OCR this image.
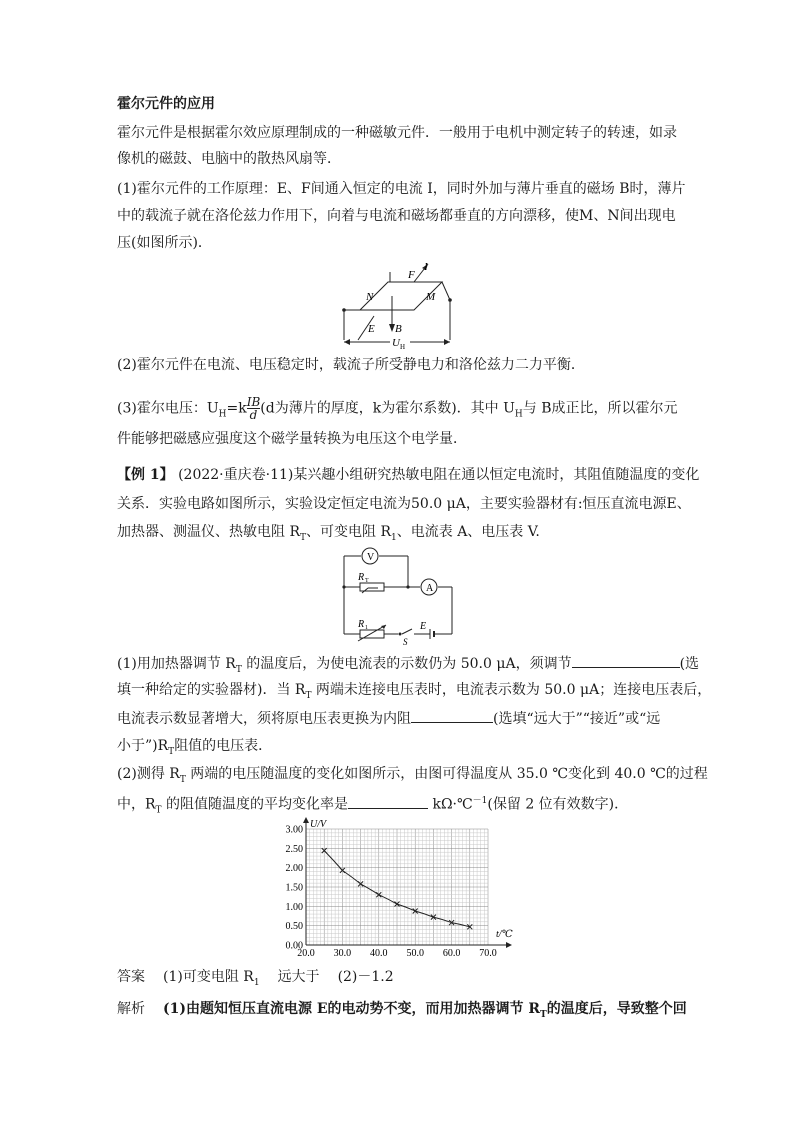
霍尔元件的应用
霍尔元件是根据霍尔效应原理制成的一种磁敏元件．一般用于电机中测定转子的转速，如录
像机的磁鼓、电脑中的散热风扇等．
(1)霍尔元件的工作原理：E、F间通入恒定的电流 I，同时外加与薄片垂直的磁场 B时，薄片
中的载流子就在洛伦兹力作用下，向着与电流和磁场都垂直的方向漂移，使M、N间出现电
压(如图所示)．
I
F
N	M
E B
U H
(2)霍尔元件在电流、电压稳定时，载流子所受静电力和洛伦兹力二力平衡．
(3)霍尔电压：$U_H=k \frac{IB}{d} (d$为薄片的厚度，k为霍尔系数)．其中 $U_H$与 B成正比，所以霍尔元
件能够把磁感应强度这个磁学量转换为电压这个电学量．
【例 1】 (2022·重庆卷·11)某兴趣小组研究热敏电阻在通以恒定电流时，其阻值随温度的变化
关系．实验电路如图所示，实验设定恒定电流为50.0 μA，主要实验器材有:恒压直流电源E、
加热器、测温仪、热敏电阻 $R_T$、可变电阻 $R_1$、电流表 A、电压表 V.
V
A
R T
R 1
S
E
(1)用加热器调节 $R_T$ 的温度后，为使电流表的示数仍为 50.0 μA，须调节	(选
填一种给定的实验器材)．当 $R_T$ 两端未连接电压表时，电流表示数为 50.0 μA；连接电压表后，
电流表示数显著增大，须将原电压表更换为内阻	(选填“远大于”“接近”或“远
小于$”)R_T$阻值的电压表．
(2)测得 $R_T$ 两端的电压随温度的变化如图所示，由图可得温度从 35.0 ℃变化到 40.0 ℃的过程
中，$R_T$ 的阻值随温度的平均变化率是	kΩ·℃$^{-1}$(保留 2 位有效数字)．
20.0 30.0 40.0 50.0 60.0 70.0
0.00
0.50
1.00
1.50
2.00
2.50
3.00
t/℃
U/V
答案 (1)可变电阻 $R_1$ 远大于 (2)－1.2
解析 (1)由题知恒压直流电源 E的电动势不变，而用加热器调节 $R_T$的温度后，导致整个回
